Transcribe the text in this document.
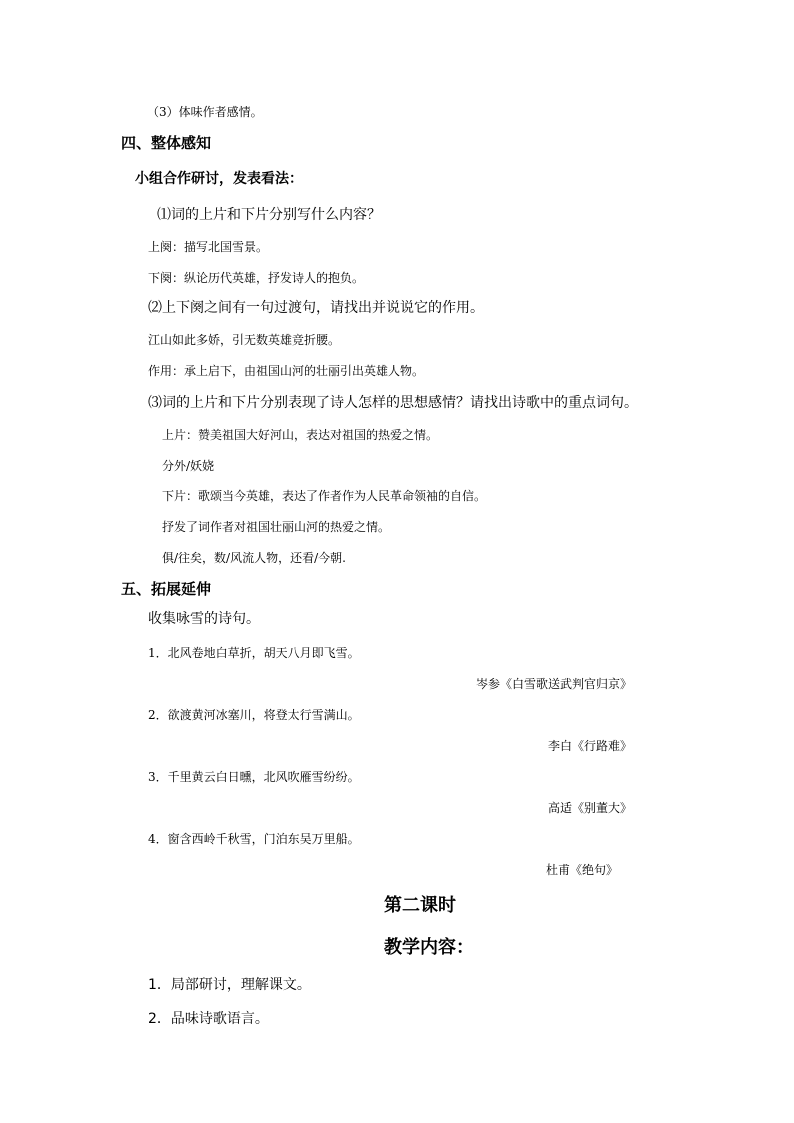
（3）体味作者感情。
四、整体感知
小组合作研讨，发表看法：
⑴词的上片和下片分别写什么内容？
上阕：描写北国雪景。
下阕：纵论历代英雄，抒发诗人的抱负。
⑵上下阕之间有一句过渡句，请找出并说说它的作用。
江山如此多娇，引无数英雄竞折腰。
作用：承上启下，由祖国山河的壮丽引出英雄人物。
⑶词的上片和下片分别表现了诗人怎样的思想感情？请找出诗歌中的重点词句。
上片：赞美祖国大好河山，表达对祖国的热爱之情。
分外/妖娆
下片：歌颂当今英雄，表达了作者作为人民革命领袖的自信。
抒发了词作者对祖国壮丽山河的热爱之情。
俱/往矣，数/风流人物，还看/今朝.
五、拓展延伸
收集咏雪的诗句。
1．北风卷地白草折，胡天八月即飞雪。
岑参《白雪歌送武判官归京》
2．欲渡黄河冰塞川，将登太行雪满山。
李白《行路难》
3．千里黄云白日曛，北风吹雁雪纷纷。
高适《别董大》
4．窗含西岭千秋雪，门泊东吴万里船。
杜甫《绝句》
第二课时
教学内容：
1．局部研讨，理解课文。
2．品味诗歌语言。
